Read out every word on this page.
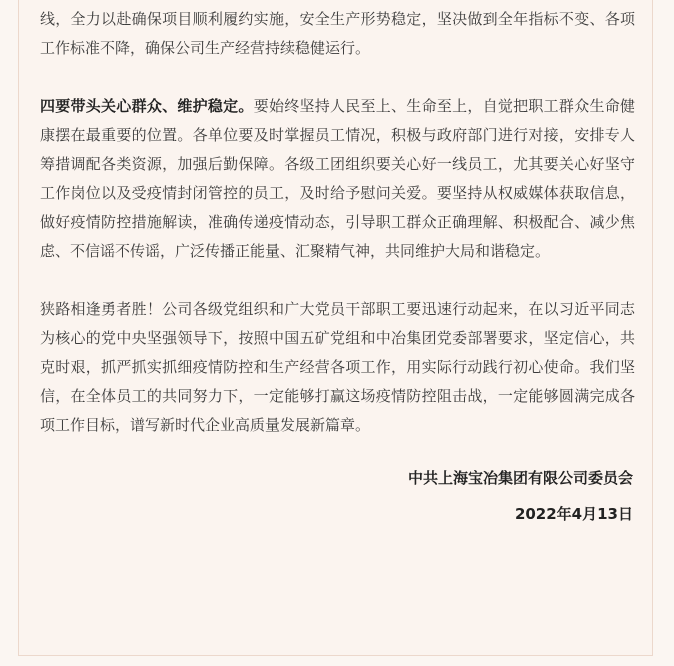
线，全力以赴确保项目顺利履约实施，安全生产形势稳定，坚决做到全年指标不变、各项工作标准不降，确保公司生产经营持续稳健运行。

四要带头关心群众、维护稳定。要始终坚持人民至上、生命至上，自觉把职工群众生命健康摆在最重要的位置。各单位要及时掌握员工情况，积极与政府部门进行对接，安排专人筹措调配各类资源，加强后勤保障。各级工团组织要关心好一线员工，尤其要关心好坚守工作岗位以及受疫情封闭管控的员工，及时给予慰问关爱。要坚持从权威媒体获取信息，做好疫情防控措施解读，准确传递疫情动态，引导职工群众正确理解、积极配合、减少焦虑、不信谣不传谣，广泛传播正能量、汇聚精气神，共同维护大局和谐稳定。

狭路相逢勇者胜！公司各级党组织和广大党员干部职工要迅速行动起来，在以习近平同志为核心的党中央坚强领导下，按照中国五矿党组和中冶集团党委部署要求，坚定信心，共克时艰，抓严抓实抓细疫情防控和生产经营各项工作，用实际行动践行初心使命。我们坚信，在全体员工的共同努力下，一定能够打赢这场疫情防控阻击战，一定能够圆满完成各项工作目标，谱写新时代企业高质量发展新篇章。

中共上海宝冶集团有限公司委员会
2022年4月13日
